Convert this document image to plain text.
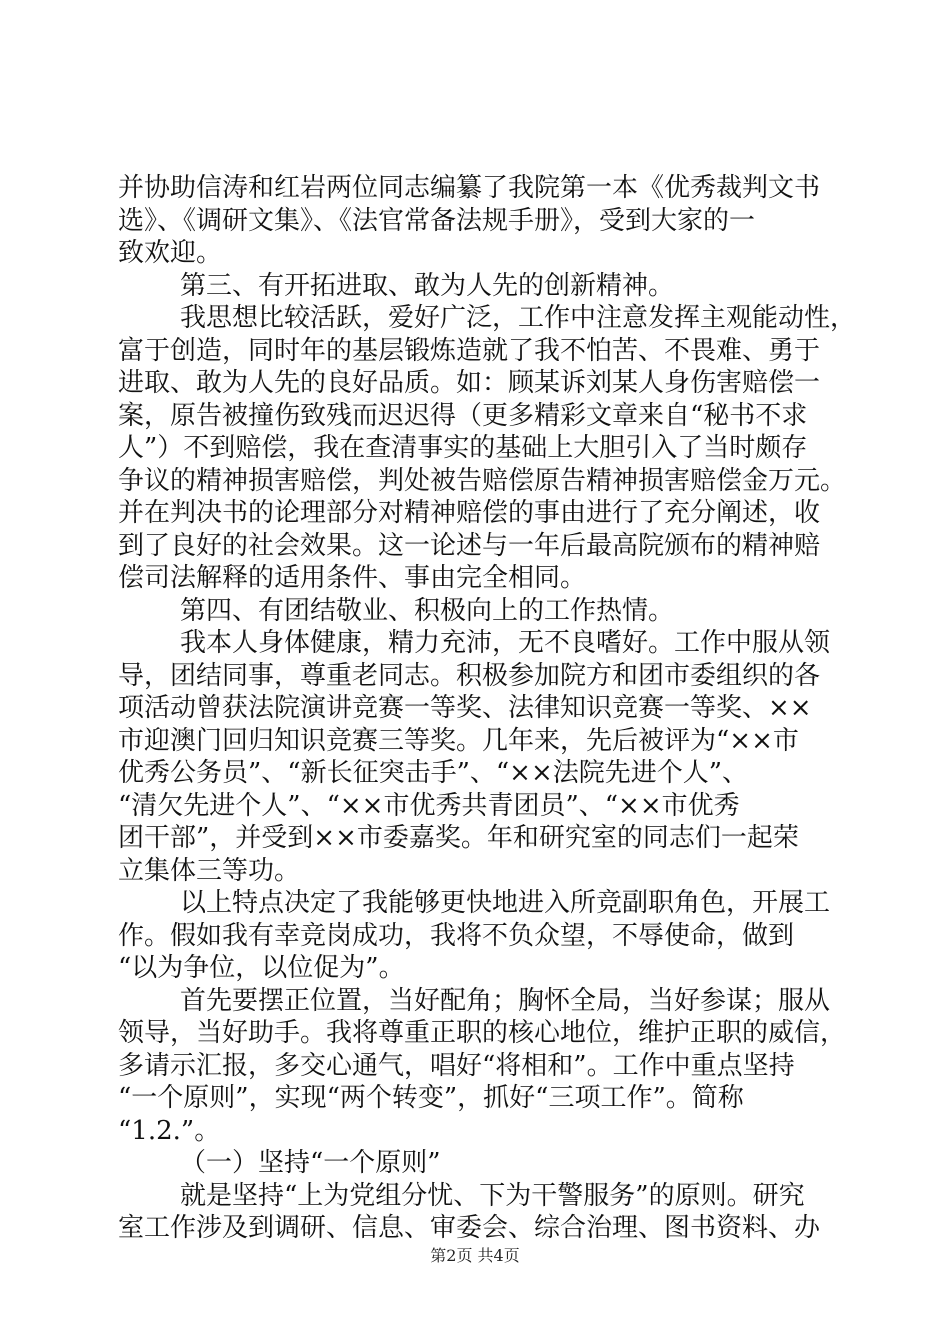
并协助信涛和红岩两位同志编纂了我院第一本《优秀裁判文书
选》、《调研文集》、《法官常备法规手册》，受到大家的一
致欢迎。
第三、有开拓进取、敢为人先的创新精神。
我思想比较活跃，爱好广泛，工作中注意发挥主观能动性，
富于创造，同时年的基层锻炼造就了我不怕苦、不畏难、勇于
进取、敢为人先的良好品质。如：顾某诉刘某人身伤害赔偿一
案，原告被撞伤致残而迟迟得（更多精彩文章来自“秘书不求
人”）不到赔偿，我在查清事实的基础上大胆引入了当时颇存
争议的精神损害赔偿，判处被告赔偿原告精神损害赔偿金万元。
并在判决书的论理部分对精神赔偿的事由进行了充分阐述，收
到了良好的社会效果。这一论述与一年后最高院颁布的精神赔
偿司法解释的适用条件、事由完全相同。
第四、有团结敬业、积极向上的工作热情。
我本人身体健康，精力充沛，无不良嗜好。工作中服从领
导，团结同事，尊重老同志。积极参加院方和团市委组织的各
项活动曾获法院演讲竞赛一等奖、法律知识竞赛一等奖、××
市迎澳门回归知识竞赛三等奖。几年来，先后被评为“××市
优秀公务员”、“新长征突击手”、“××法院先进个人”、
“清欠先进个人”、“××市优秀共青团员”、“××市优秀
团干部”，并受到××市委嘉奖。年和研究室的同志们一起荣
立集体三等功。
以上特点决定了我能够更快地进入所竞副职角色，开展工
作。假如我有幸竞岗成功，我将不负众望，不辱使命，做到
“以为争位，以位促为”。
首先要摆正位置，当好配角；胸怀全局，当好参谋；服从
领导，当好助手。我将尊重正职的核心地位，维护正职的威信，
多请示汇报，多交心通气，唱好“将相和”。工作中重点坚持
“一个原则”，实现“两个转变”，抓好“三项工作”。简称
“1.2.”。
（一）坚持“一个原则”
就是坚持“上为党组分忧、下为干警服务”的原则。研究
室工作涉及到调研、信息、审委会、综合治理、图书资料、办
第2页 共4页
